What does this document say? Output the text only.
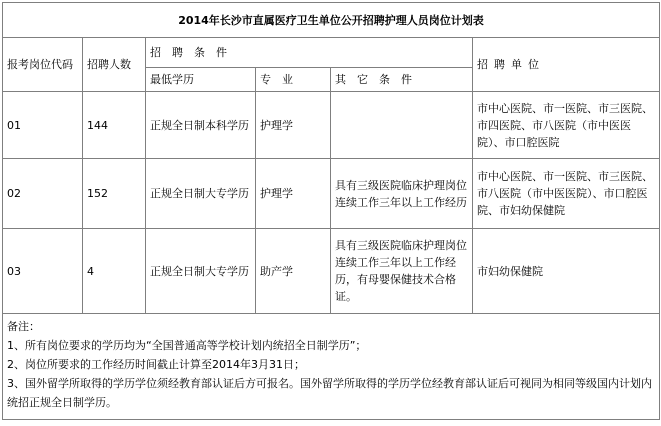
2014年长沙市直属医疗卫生单位公开招聘护理人员岗位计划表					
报考岗位代码	招聘人数	招　聘　条　件			招聘单位
		最低学历	专　业	其　它　条　件	
01	144	正规全日制本科学历	护理学		市中心医院、市一医院、市三医院、市四医院、市八医院（市中医医院）、市口腔医院
02	152	正规全日制大专学历	护理学	具有三级医院临床护理岗位连续工作三年以上工作经历	市中心医院、市一医院、市三医院、市八医院（市中医医院）、市口腔医院、市妇幼保健院
03	4	正规全日制大专学历	助产学	具有三级医院临床护理岗位连续工作三年以上工作经历，有母婴保健技术合格证。	市妇幼保健院

备注：
1、所有岗位要求的学历均为“全国普通高等学校计划内统招全日制学历”；
2、岗位所要求的工作经历时间截止计算至2014年3月31日；
3、国外留学所取得的学历学位须经教育部认证后方可报名。国外留学所取得的学历学位经教育部认证后可视同为相同等级国内计划内统招正规全日制学历。					
